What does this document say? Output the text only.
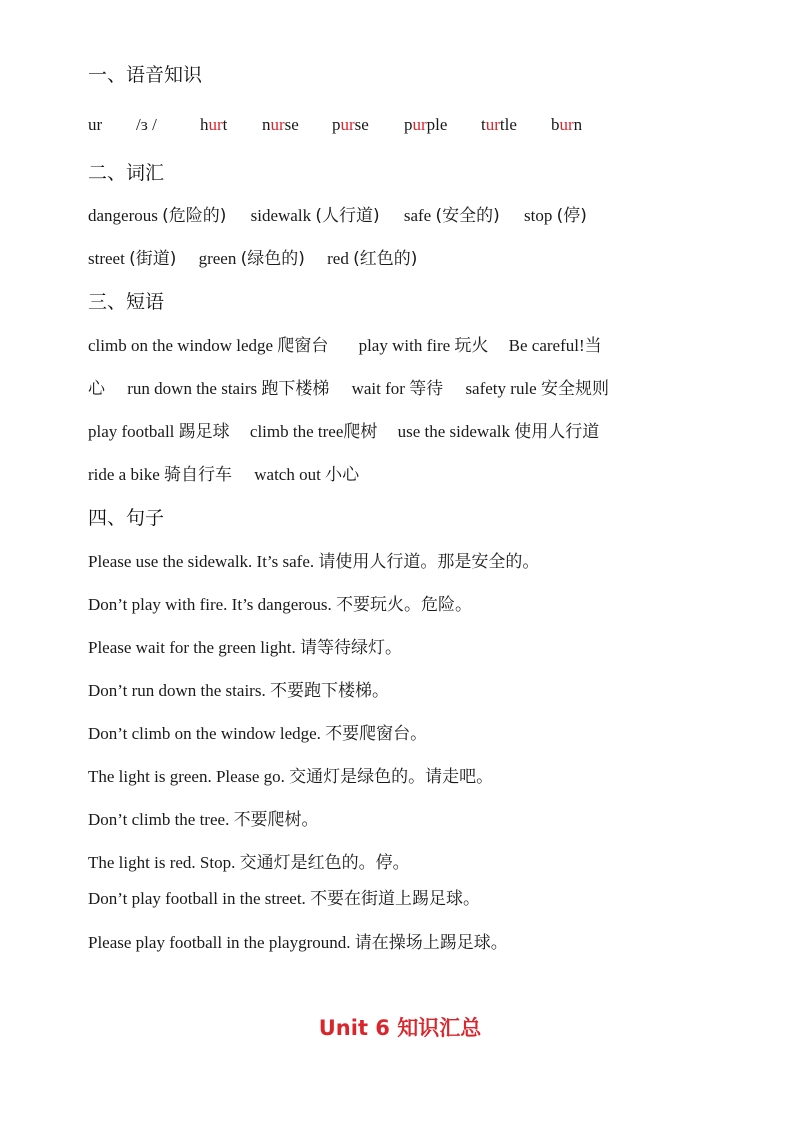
一、语音知识
ur /ɜ /	hurt nurse purse purple turtle burn
二、词汇
dangerous (危险的) sidewalk (人行道) safe (安全的) stop (停)
street (街道) green (绿色的) red (红色的)
三、短语
climb on the window ledge 爬窗台 play with fire 玩火 Be careful!当
心 run down the stairs 跑下楼梯 wait for 等待 safety rule 安全规则
play football 踢足球 climb the tree爬树 use the sidewalk 使用人行道
ride a bike 骑自行车 watch out 小心
四、句子
Please use the sidewalk. It’s safe. 请使用人行道。那是安全的。
Don’t play with fire. It’s dangerous. 不要玩火。危险。
Please wait for the green light. 请等待绿灯。
Don’t run down the stairs. 不要跑下楼梯。
Don’t climb on the window ledge. 不要爬窗台。
The light is green. Please go. 交通灯是绿色的。请走吧。
Don’t climb the tree. 不要爬树。
The light is red. Stop. 交通灯是红色的。停。
Don’t play football in the street. 不要在街道上踢足球。
Please play football in the playground. 请在操场上踢足球。
Unit 6 知识汇总
